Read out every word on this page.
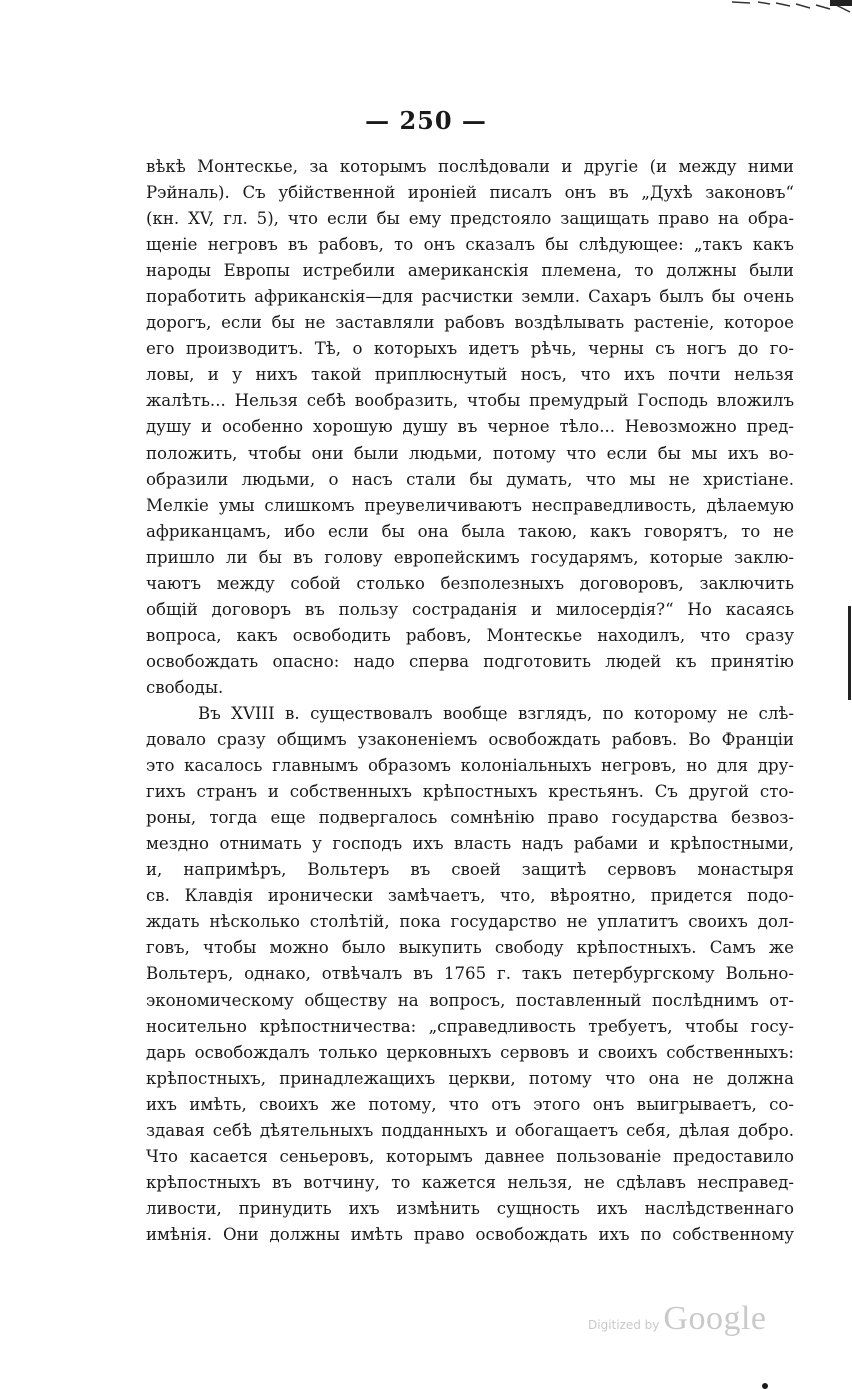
— 250 —
вѣкѣ Монтескье, за которымъ послѣдовали и другіе (и между ними
Рэйналь). Съ убійственной ироніей писалъ онъ въ „Духѣ законовъ“
(кн. XV, гл. 5), что если бы ему предстояло защищать право на обра-
щеніе негровъ въ рабовъ, то онъ сказалъ бы слѣдующее: „такъ какъ
народы Европы истребили американскія племена, то должны были
поработить африканскія—для расчистки земли. Сахаръ былъ бы очень
дорогъ, если бы не заставляли рабовъ воздѣлывать растеніе, которое
его производитъ. Тѣ, о которыхъ идетъ рѣчь, черны съ ногъ до го-
ловы, и у нихъ такой приплюснутый носъ, что ихъ почти нельзя
жалѣть... Нельзя себѣ вообразить, чтобы премудрый Господь вложилъ
душу и особенно хорошую душу въ черное тѣло... Невозможно пред-
положить, чтобы они были людьми, потому что если бы мы ихъ во-
образили людьми, о насъ стали бы думать, что мы не христіане.
Мелкіе умы слишкомъ преувеличиваютъ несправедливость, дѣлаемую
африканцамъ, ибо если бы она была такою, какъ говорятъ, то не
пришло ли бы въ голову европейскимъ государямъ, которые заклю-
чаютъ между собой столько безполезныхъ договоровъ, заключить
общій договоръ въ пользу состраданія и милосердія?“ Но касаясь
вопроса, какъ освободить рабовъ, Монтескье находилъ, что сразу
освобождать опасно: надо сперва подготовить людей къ принятію
свободы.
Въ XVIII в. существовалъ вообще взглядъ, по которому не слѣ-
довало сразу общимъ узаконеніемъ освобождать рабовъ. Во Франціи
это касалось главнымъ образомъ колоніальныхъ негровъ, но для дру-
гихъ странъ и собственныхъ крѣпостныхъ крестьянъ. Съ другой сто-
роны, тогда еще подвергалось сомнѣнію право государства безвоз-
мездно отнимать у господъ ихъ власть надъ рабами и крѣпостными,
и, напримѣръ, Вольтеръ въ своей защитѣ сервовъ монастыря
св. Клавдія иронически замѣчаетъ, что, вѣроятно, придется подо-
ждать нѣсколько столѣтій, пока государство не уплатитъ своихъ дол-
говъ, чтобы можно было выкупить свободу крѣпостныхъ. Самъ же
Вольтеръ, однако, отвѣчалъ въ 1765 г. такъ петербургскому Вольно-
экономическому обществу на вопросъ, поставленный послѣднимъ от-
носительно крѣпостничества: „справедливость требуетъ, чтобы госу-
дарь освобождалъ только церковныхъ сервовъ и своихъ собственныхъ:
крѣпостныхъ, принадлежащихъ церкви, потому что она не должна
ихъ имѣть, своихъ же потому, что отъ этого онъ выигрываетъ, со-
здавая себѣ дѣятельныхъ подданныхъ и обогащаетъ себя, дѣлая добро.
Что касается сеньеровъ, которымъ давнее пользованіе предоставило
крѣпостныхъ въ вотчину, то кажется нельзя, не сдѣлавъ несправед-
ливости, принудить ихъ измѣнить сущность ихъ наслѣдственнаго
имѣнія. Они должны имѣть право освобождать ихъ по собственному
Digitized by Google
